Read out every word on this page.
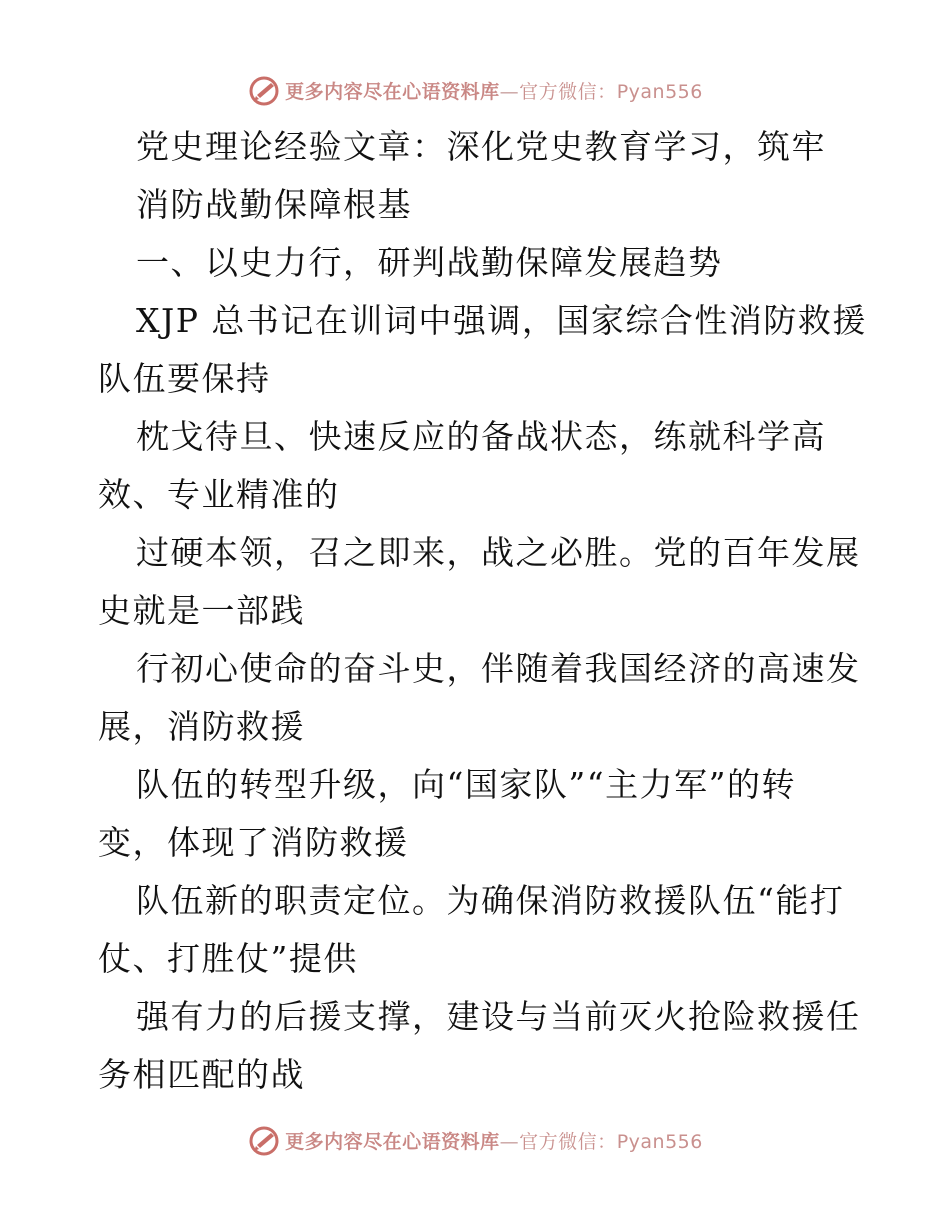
更多内容尽在心语资料库—官方微信：Pyan556
党史理论经验文章：深化党史教育学习，筑牢
消防战勤保障根基
一、以史力行，研判战勤保障发展趋势
XJP 总书记在训词中强调，国家综合性消防救援
队伍要保持
枕戈待旦、快速反应的备战状态，练就科学高
效、专业精准的
过硬本领，召之即来，战之必胜。党的百年发展
史就是一部践
行初心使命的奋斗史，伴随着我国经济的高速发
展，消防救援
队伍的转型升级，向“国家队”“主力军”的转
变，体现了消防救援
队伍新的职责定位。为确保消防救援队伍“能打
仗、打胜仗”提供
强有力的后援支撑，建设与当前灭火抢险救援任
务相匹配的战
更多内容尽在心语资料库—官方微信：Pyan556
